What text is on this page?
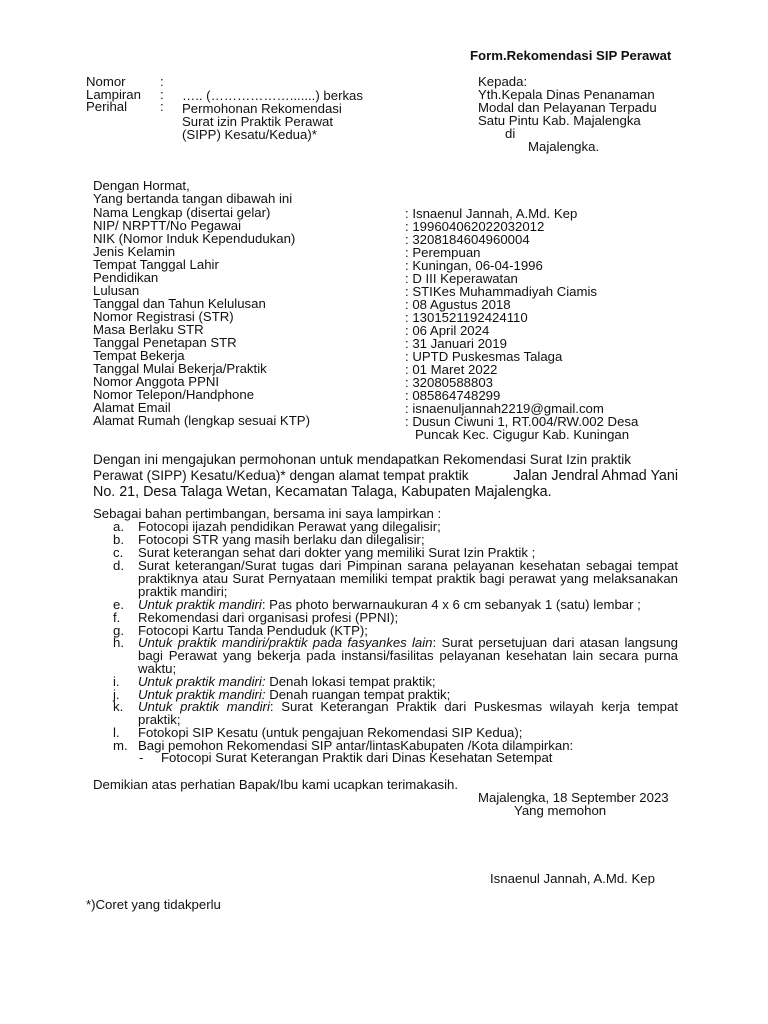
Form.Rekomendasi SIP Perawat
Nomor	:
Lampiran : ….. (……………….......) berkas
Perihal : Permohonan Rekomendasi
Surat izin Praktik Perawat
(SIPP) Kesatu/Kedua)*
Kepada:
Yth.Kepala Dinas Penanaman
Modal dan Pelayanan Terpadu
Satu Pintu Kab. Majalengka
di
Majalengka.
Dengan Hormat,
Yang bertanda tangan dibawah ini
Nama Lengkap (disertai gelar)
NIP/ NRPTT/No Pegawai
NIK (Nomor Induk Kependudukan)
Jenis Kelamin
Tempat Tanggal Lahir
Pendidikan
Lulusan
Tanggal dan Tahun Kelulusan
Nomor Registrasi (STR)
Masa Berlaku STR
Tanggal Penetapan STR
Tempat Bekerja
Tanggal Mulai Bekerja/Praktik
Nomor Anggota PPNI
Nomor Telepon/Handphone
Alamat Email
Alamat Rumah (lengkap sesuai KTP)
: Isnaenul Jannah, A.Md. Kep
: 199604062022032012
: 3208184604960004
: Perempuan
: Kuningan, 06-04-1996
: D III Keperawatan
: STIKes Muhammadiyah Ciamis
: 08 Agustus 2018
: 1301521192424110
: 06 April 2024
: 31 Januari 2019
: UPTD Puskesmas Talaga
: 01 Maret 2022
: 32080588803
: 085864748299
: isnaenuljannah2219@gmail.com
: Dusun Ciwuni 1, RT.004/RW.002 Desa
Puncak Kec. Cigugur Kab. Kuningan
Dengan ini mengajukan permohonan untuk mendapatkan Rekomendasi Surat Izin praktik
Perawat (SIPP) Kesatu/Kedua)* dengan alamat tempat praktik	Jalan Jendral Ahmad Yani
No. 21, Desa Talaga Wetan, Kecamatan Talaga, Kabupaten Majalengka.
Sebagai bahan pertimbangan, bersama ini saya lampirkan :
a. Fotocopi ijazah pendidikan Perawat yang dilegalisir;
b. Fotocopi STR yang masih berlaku dan dilegalisir;
c. Surat keterangan sehat dari dokter yang memiliki Surat Izin Praktik ;
d. Surat keterangan/Surat tugas dari Pimpinan sarana pelayanan kesehatan sebagai tempat praktiknya atau Surat Pernyataan memiliki tempat praktik bagi perawat yang melaksanakan praktik mandiri;
e. Untuk praktik mandiri: Pas photo berwarnaukuran 4 x 6 cm sebanyak 1 (satu) lembar ;
f. Rekomendasi dari organisasi profesi (PPNI);
g. Fotocopi Kartu Tanda Penduduk (KTP);
h. Untuk praktik mandiri/praktik pada fasyankes lain: Surat persetujuan dari atasan langsung bagi Perawat yang bekerja pada instansi/fasilitas pelayanan kesehatan lain secara purna waktu;
i. Untuk praktik mandiri: Denah lokasi tempat praktik;
j. Untuk praktik mandiri: Denah ruangan tempat praktik;
k. Untuk praktik mandiri: Surat Keterangan Praktik dari Puskesmas wilayah kerja tempat praktik;
l. Fotokopi SIP Kesatu (untuk pengajuan Rekomendasi SIP Kedua);
m. Bagi pemohon Rekomendasi SIP antar/lintasKabupaten /Kota dilampirkan:
- Fotocopi Surat Keterangan Praktik dari Dinas Kesehatan Setempat
Demikian atas perhatian Bapak/Ibu kami ucapkan terimakasih.
Majalengka, 18 September 2023
Yang memohon
Isnaenul Jannah, A.Md. Kep
*)Coret yang tidakperlu
